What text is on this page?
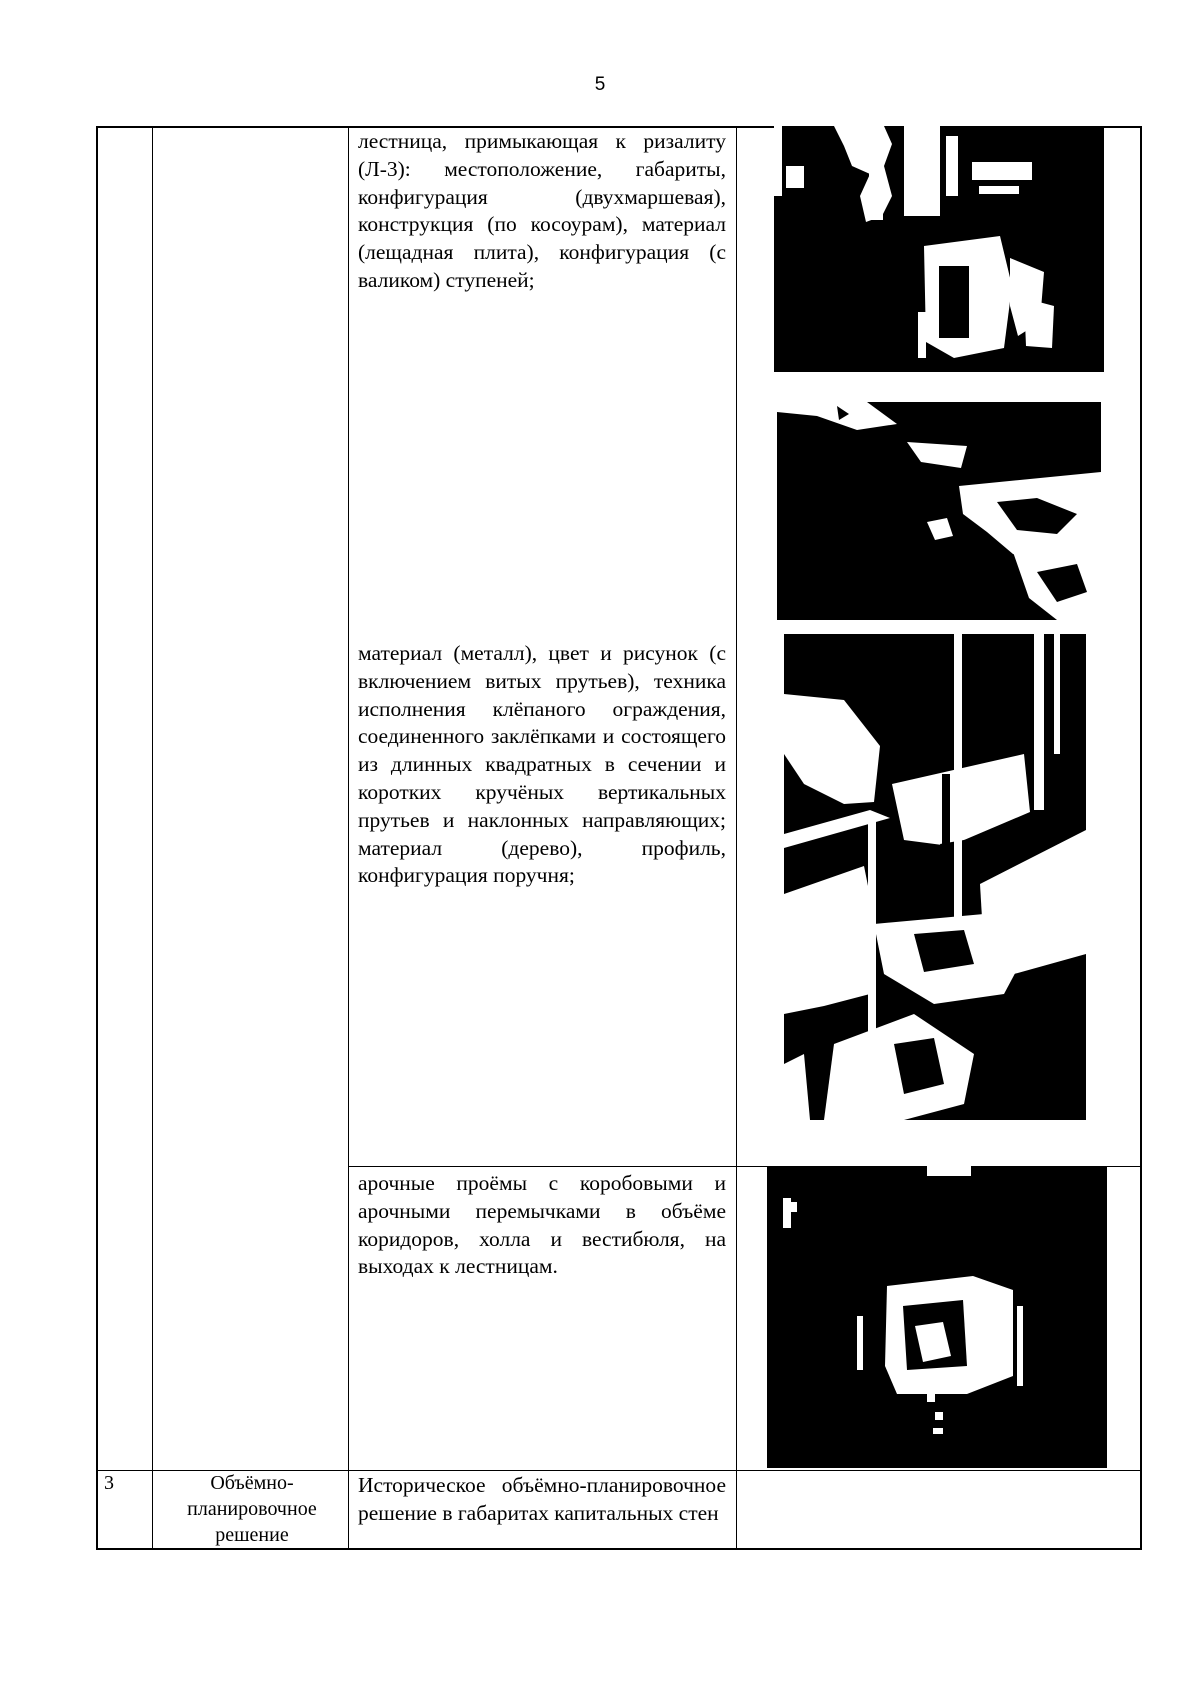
5
лестница, примыкающая к ризалиту (Л-3): местоположение, габариты, конфигурация (двухмаршевая), конструкция (по косоурам), материал (лещадная плита), конфигурация (с валиком) ступеней;
материал (металл), цвет и рисунок (с включением витых прутьев), техника исполнения клёпаного ограждения, соединенного заклёпками и состоящего из длинных квадратных в сечении и коротких кручёных вертикальных прутьев и наклонных направляющих; материал (дерево), профиль, конфигурация поручня;
арочные проёмы с коробовыми и арочными перемычками в объёме коридоров, холла и вестибюля, на выходах к лестницам.
3	Объёмно-планировочное решение
Историческое объёмно-планировочное решение в габаритах капитальных стен
